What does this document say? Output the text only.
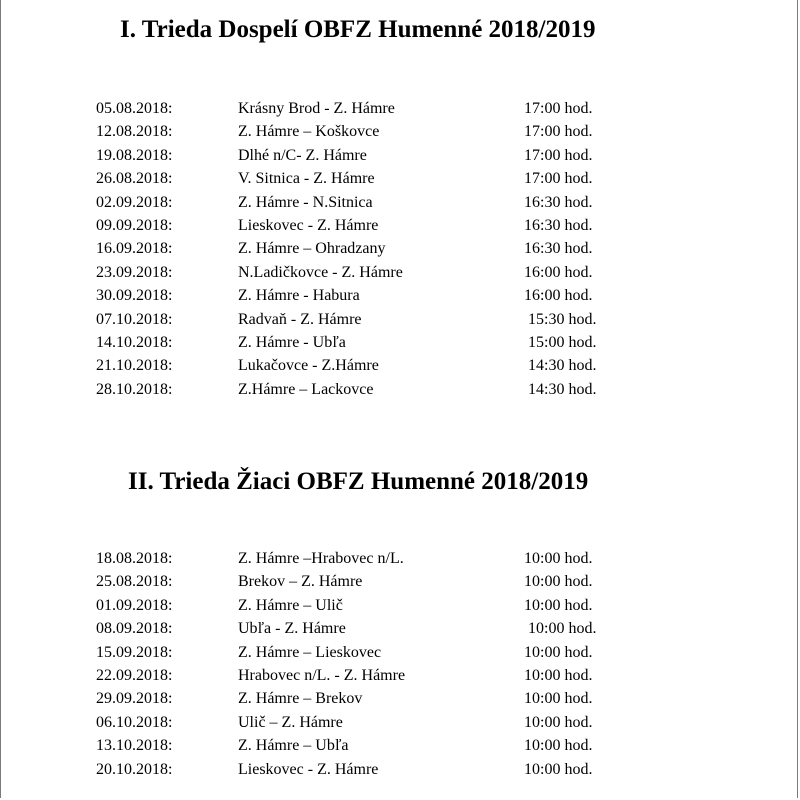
I. Trieda Dospelí OBFZ Humenné 2018/2019
05.08.2018:	Krásny Brod - Z. Hámre	17:00 hod.
12.08.2018:	Z. Hámre – Koškovce	17:00 hod.
19.08.2018:	Dlhé n/C- Z. Hámre	17:00 hod.
26.08.2018:	V. Sitnica - Z. Hámre	17:00 hod.
02.09.2018:	Z. Hámre - N.Sitnica	16:30 hod.
09.09.2018:	Lieskovec - Z. Hámre	16:30 hod.
16.09.2018:	Z. Hámre – Ohradzany	16:30 hod.
23.09.2018:	N.Ladičkovce - Z. Hámre	16:00 hod.
30.09.2018:	Z. Hámre - Habura	16:00 hod.
07.10.2018:	Radvaň - Z. Hámre	15:30 hod.
14.10.2018:	Z. Hámre - Ubľa	15:00 hod.
21.10.2018:	Lukačovce - Z.Hámre	14:30 hod.
28.10.2018:	Z.Hámre – Lackovce	14:30 hod.
II. Trieda Žiaci OBFZ Humenné 2018/2019
18.08.2018:	Z. Hámre –Hrabovec n/L.	10:00 hod.
25.08.2018:	Brekov – Z. Hámre	10:00 hod.
01.09.2018:	Z. Hámre – Ulič	10:00 hod.
08.09.2018:	Ubľa - Z. Hámre	10:00 hod.
15.09.2018:	Z. Hámre – Lieskovec	10:00 hod.
22.09.2018:	Hrabovec n/L. - Z. Hámre	10:00 hod.
29.09.2018:	Z. Hámre – Brekov	10:00 hod.
06.10.2018:	Ulič – Z. Hámre	10:00 hod.
13.10.2018:	Z. Hámre – Ubľa	10:00 hod.
20.10.2018:	Lieskovec - Z. Hámre	10:00 hod.
